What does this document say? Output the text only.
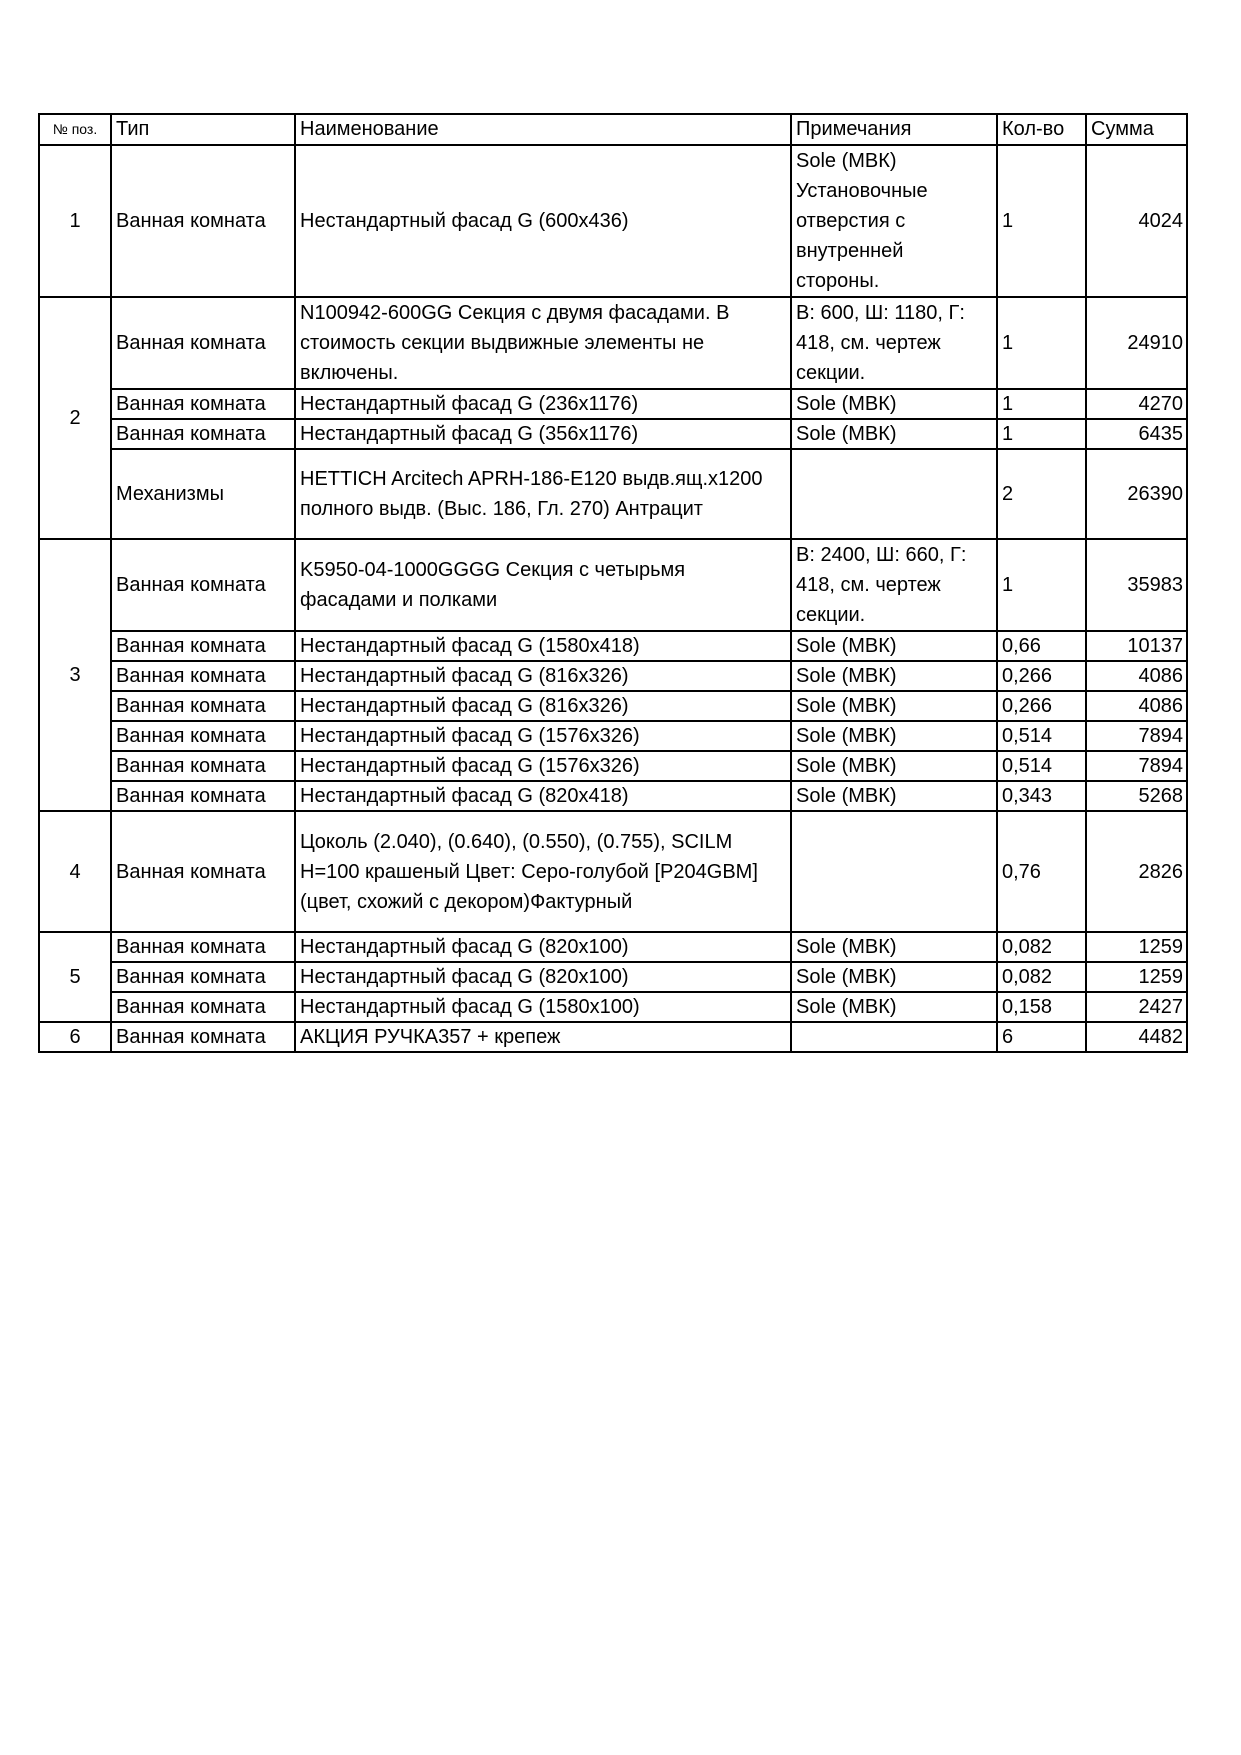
№ поз.	Тип	Наименование	Примечания	Кол-во	Сумма
1	Ванная комната	Нестандартный фасад G (600x436)	Sole (МВК) Установочные отверстия с внутренней стороны.	1	4024
2	Ванная комната	N100942-600GG Секция с двумя фасадами. В стоимость секции выдвижные элементы не включены.	В: 600, Ш: 1180, Г: 418, см. чертеж секции.	1	24910
	Ванная комната	Нестандартный фасад G (236x1176)	Sole (МВК)	1	4270
	Ванная комната	Нестандартный фасад G (356x1176)	Sole (МВК)	1	6435
	Механизмы	HETTICH Arcitech APRH-186-E120 выдв.ящ.x1200 полного выдв. (Выс. 186, Гл. 270) Антрацит		2	26390
3	Ванная комната	K5950-04-1000GGGG Секция с четырьмя фасадами и полками	В: 2400, Ш: 660, Г: 418, см. чертеж секции.	1	35983
	Ванная комната	Нестандартный фасад G (1580x418)	Sole (МВК)	0,66	10137
	Ванная комната	Нестандартный фасад G (816x326)	Sole (МВК)	0,266	4086
	Ванная комната	Нестандартный фасад G (816x326)	Sole (МВК)	0,266	4086
	Ванная комната	Нестандартный фасад G (1576x326)	Sole (МВК)	0,514	7894
	Ванная комната	Нестандартный фасад G (1576x326)	Sole (МВК)	0,514	7894
	Ванная комната	Нестандартный фасад G (820x418)	Sole (МВК)	0,343	5268
4	Ванная комната	Цоколь (2.040), (0.640), (0.550), (0.755), SCILM H=100 крашеный Цвет: Серо-голубой [P204GBM] (цвет, схожий с декором)Фактурный		0,76	2826
5	Ванная комната	Нестандартный фасад G (820x100)	Sole (МВК)	0,082	1259
	Ванная комната	Нестандартный фасад G (820x100)	Sole (МВК)	0,082	1259
	Ванная комната	Нестандартный фасад G (1580x100)	Sole (МВК)	0,158	2427
6	Ванная комната	АКЦИЯ РУЧКА357 + крепеж		6	4482
